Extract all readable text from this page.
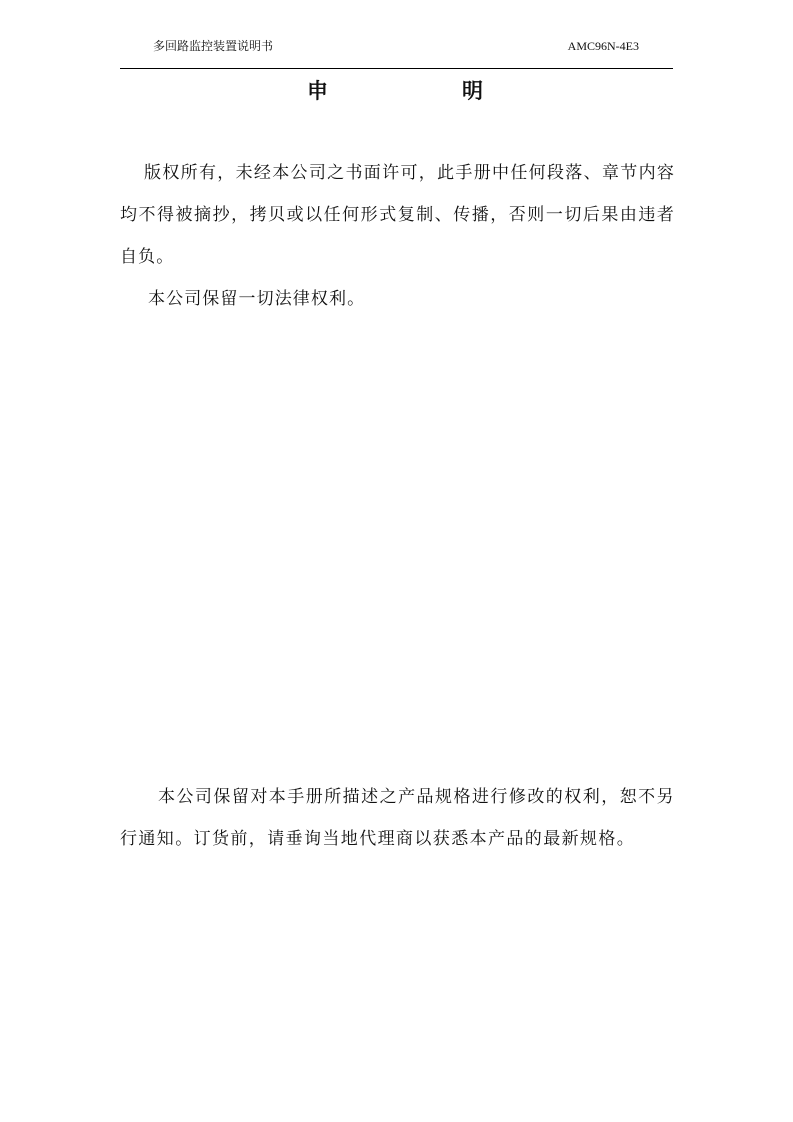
多回路监控装置说明书	AMC96N-4E3
申	明

版权所有，未经本公司之书面许可，此手册中任何段落、章节内容均不得被摘抄，拷贝或以任何形式复制、传播，否则一切后果由违者自负。

本公司保留一切法律权利。

本公司保留对本手册所描述之产品规格进行修改的权利，恕不另行通知。订货前，请垂询当地代理商以获悉本产品的最新规格。
